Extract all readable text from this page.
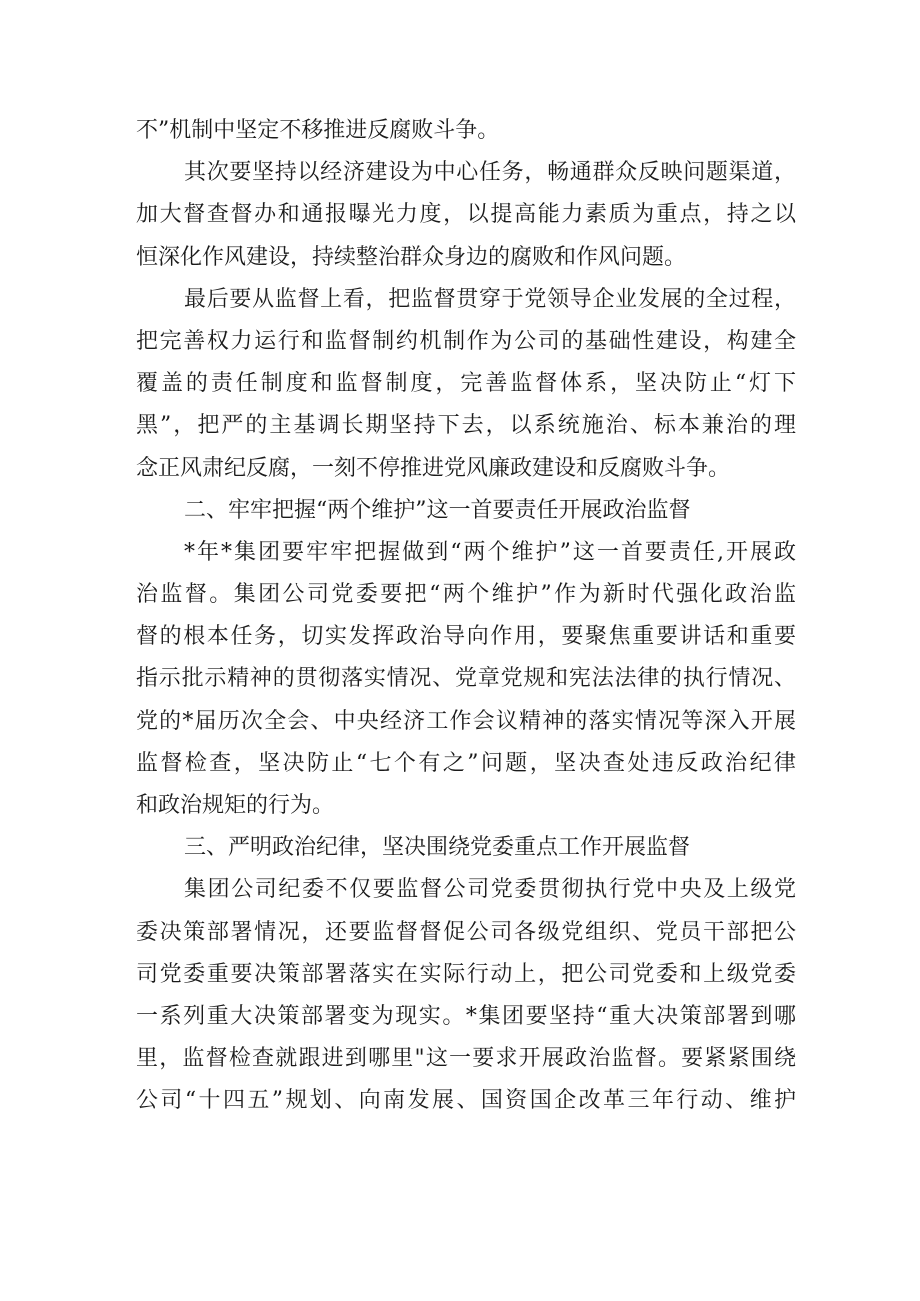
不”机制中坚定不移推进反腐败斗争。
其次要坚持以经济建设为中心任务，畅通群众反映问题渠道，
加大督查督办和通报曝光力度，以提高能力素质为重点，持之以
恒深化作风建设，持续整治群众身边的腐败和作风问题。
最后要从监督上看，把监督贯穿于党领导企业发展的全过程，
把完善权力运行和监督制约机制作为公司的基础性建设，构建全
覆盖的责任制度和监督制度，完善监督体系，坚决防止“灯下
黑”，把严的主基调长期坚持下去，以系统施治、标本兼治的理
念正风肃纪反腐，一刻不停推进党风廉政建设和反腐败斗争。
二、牢牢把握“两个维护”这一首要责任开展政治监督
*年*集团要牢牢把握做到“两个维护”这一首要责任,开展政
治监督。集团公司党委要把“两个维护”作为新时代强化政治监
督的根本任务，切实发挥政治导向作用，要聚焦重要讲话和重要
指示批示精神的贯彻落实情况、党章党规和宪法法律的执行情况、
党的*届历次全会、中央经济工作会议精神的落实情况等深入开展
监督检查，坚决防止“七个有之”问题，坚决查处违反政治纪律
和政治规矩的行为。
三、严明政治纪律，坚决围绕党委重点工作开展监督
集团公司纪委不仅要监督公司党委贯彻执行党中央及上级党
委决策部署情况，还要监督督促公司各级党组织、党员干部把公
司党委重要决策部署落实在实际行动上，把公司党委和上级党委
一系列重大决策部署变为现实。*集团要坚持“重大决策部署到哪
里，监督检查就跟进到哪里"这一要求开展政治监督。要紧紧围绕
公司“十四五”规划、向南发展、国资国企改革三年行动、维护
